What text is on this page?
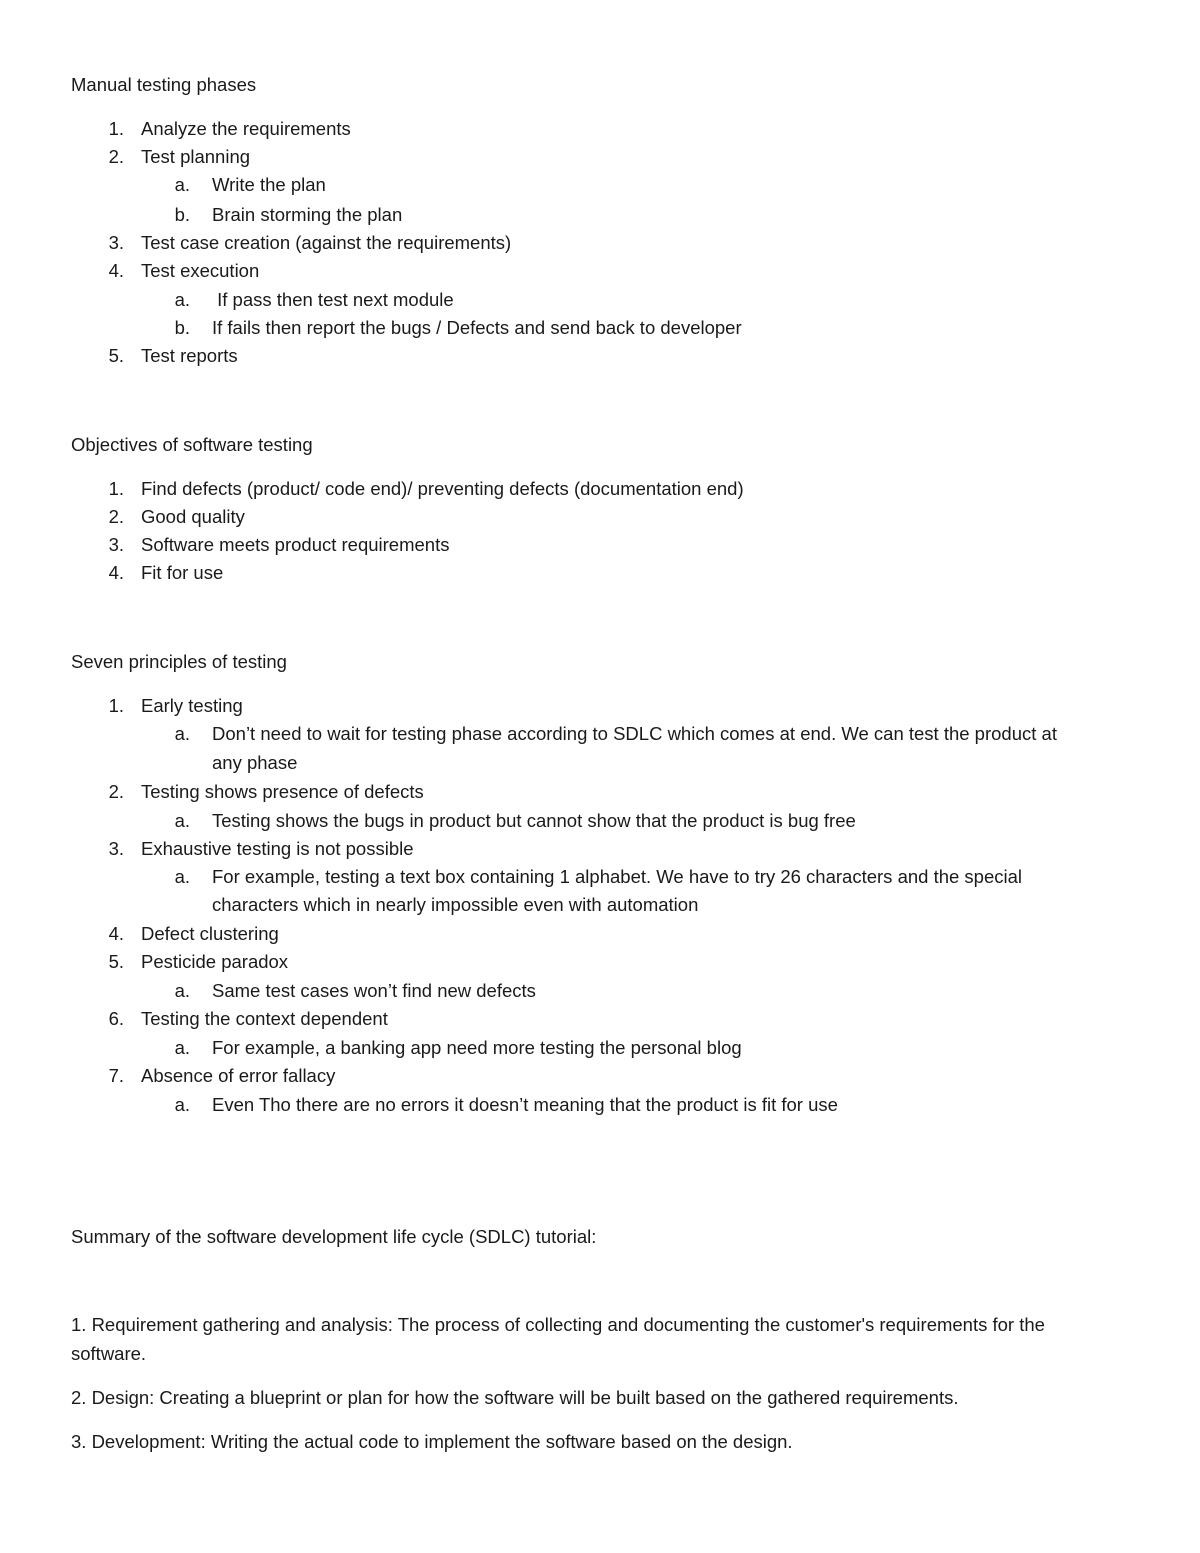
Manual testing phases
1. Analyze the requirements
2. Test planning
a. Write the plan
b. Brain storming the plan
3. Test case creation (against the requirements)
4. Test execution
a. If pass then test next module
b. If fails then report the bugs / Defects and send back to developer
5. Test reports
Objectives of software testing
1. Find defects (product/ code end)/ preventing defects (documentation end)
2. Good quality
3. Software meets product requirements
4. Fit for use
Seven principles of testing
1. Early testing
a. Don’t need to wait for testing phase according to SDLC which comes at end. We can test the product at
any phase
2. Testing shows presence of defects
a. Testing shows the bugs in product but cannot show that the product is bug free
3. Exhaustive testing is not possible
a. For example, testing a text box containing 1 alphabet. We have to try 26 characters and the special
characters which in nearly impossible even with automation
4. Defect clustering
5. Pesticide paradox
a. Same test cases won’t find new defects
6. Testing the context dependent
a. For example, a banking app need more testing the personal blog
7. Absence of error fallacy
a. Even Tho there are no errors it doesn’t meaning that the product is fit for use
Summary of the software development life cycle (SDLC) tutorial:
1. Requirement gathering and analysis: The process of collecting and documenting the customer's requirements for the
software.
2. Design: Creating a blueprint or plan for how the software will be built based on the gathered requirements.
3. Development: Writing the actual code to implement the software based on the design.
